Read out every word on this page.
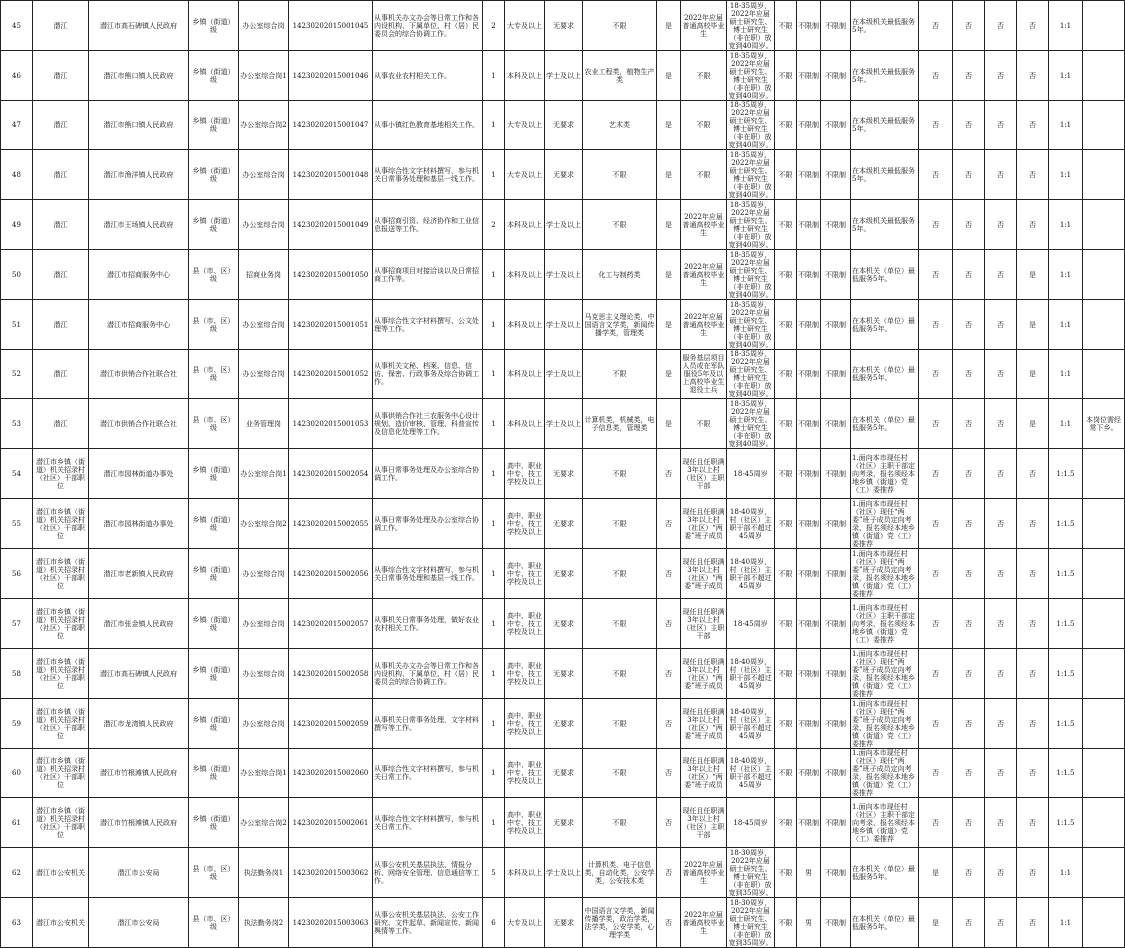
45	潜江	潜江市高石碑镇人民政府	乡镇（街道）级	办公室综合岗	14230202015001045	从事机关办文办会等日常工作和各内设机构、下属单位、村（居）民委员会的综合协调工作。	2	大专及以上	无要求	不限	是	2022年应届普通高校毕业生	18-35周岁，2022年应届硕士研究生、博士研究生（非在职）放宽到40周岁。	不限	不限制	不限制	在本级机关最低服务5年。	否	否	否	否	1:1	
46	潜江	潜江市熊口镇人民政府	乡镇（街道）级	办公室综合岗1	14230202015001046	从事农业农村相关工作。	1	本科及以上	学士及以上	农业工程类，植物生产类	是	不限	18-35周岁，2022年应届硕士研究生、博士研究生（非在职）放宽到40周岁。	不限	不限制	不限制	在本级机关最低服务5年。	否	否	否	否	1:1	
47	潜江	潜江市熊口镇人民政府	乡镇（街道）级	办公室综合岗2	14230202015001047	从事小镇红色教育基地相关工作。	1	大专及以上	无要求	艺术类	是	不限	18-35周岁，2022年应届硕士研究生、博士研究生（非在职）放宽到40周岁。	不限	不限制	不限制	在本级机关最低服务5年。	否	否	否	否	1:1	
48	潜江	潜江市渔洋镇人民政府	乡镇（街道）级	办公室综合岗	14230202015001048	从事综合性文字材料撰写，参与机关日常事务处理和基层一线工作。	1	大专及以上	无要求	不限	是	不限	18-35周岁，2022年应届硕士研究生、博士研究生（非在职）放宽到40周岁。	不限	不限制	不限制	在本级机关最低服务5年。	否	否	否	否	1:1	
49	潜江	潜江市王场镇人民政府	乡镇（街道）级	办公室综合岗	14230202015001049	从事招商引资、经济协作和工业信息报送等工作。	2	本科及以上	学士及以上	不限	是	2022年应届普通高校毕业生	18-35周岁，2022年应届硕士研究生、博士研究生（非在职）放宽到40周岁。	不限	不限制	不限制	在本级机关最低服务5年。	否	否	否	否	1:1	
50	潜江	潜江市招商服务中心	县（市、区）级	招商业务岗	14230202015001050	从事招商项目对接洽谈以及日常招商工作等。	1	本科及以上	学士及以上	化工与制药类	是	2022年应届普通高校毕业生	18-35周岁，2022年应届硕士研究生、博士研究生（非在职）放宽到40周岁。	不限	不限制	不限制	在本机关（单位）最低服务5年。	否	否	否	是	1:1	
51	潜江	潜江市招商服务中心	县（市、区）级	办公室综合岗	14230202015001051	从事综合性文字材料撰写、公文处理等工作。	1	本科及以上	学士及以上	马克思主义理论类，中国语言文学类，新闻传播学类，管理类	是	2022年应届普通高校毕业生	18-35周岁，2022年应届硕士研究生、博士研究生（非在职）放宽到40周岁。	不限	不限制	不限制	在本机关（单位）最低服务5年。	否	否	否	是	1:1	
52	潜江	潜江市供销合作社联合社	县（市、区）级	办公室综合岗	14230202015001052	从事机关文秘、档案、信息、信访、保密、行政事务及综合协调工作。	1	本科及以上	学士及以上	不限	是	服务基层项目人员或在军队服役5年及以上高校毕业生退役士兵	18-35周岁，2022年应届硕士研究生、博士研究生（非在职）放宽到40周岁。	不限	不限制	不限制	在本机关（单位）最低服务5年。	否	否	否	是	1:1	
53	潜江	潜江市供销合作社联合社	县（市、区）级	业务管理岗	14230202015001053	从事供销合作社三农服务中心设计规划、造价审核、管理、科普宣传及信息化处理等工作。	1	本科及以上	学士及以上	计算机类，机械类，电子信息类，管理类	是	不限	18-35周岁，2022年应届硕士研究生、博士研究生（非在职）放宽到40周岁。	不限	不限制	不限制	在本机关（单位）最低服务5年。	否	否	否	是	1:1	本岗位需经常下乡。
54	潜江市乡镇（街道）机关招录村（社区）干部职位	潜江市园林街道办事处	乡镇（街道）级	办公室综合岗1	14230202015002054	从事日常事务处理及办公室综合协调工作。	1	高中、职业中专、技工学校及以上	无要求	不限	否	现任且任职满3年以上村（社区）主职干部	18-45周岁	不限	不限制	不限制	1.面向本市现任村（社区）主职干部定向考录，报名须经本地乡镇（街道）党（工）委推荐	否	否	否	否	1:1.5	
55	潜江市乡镇（街道）机关招录村（社区）干部职位	潜江市园林街道办事处	乡镇（街道）级	办公室综合岗2	14230202015002055	从事日常事务处理及办公室综合协调工作。	1	高中、职业中专、技工学校及以上	无要求	不限	否	现任且任职满3年以上村（社区）“两委”班子成员	18-40周岁，村（社区）主职干部不超过45周岁	不限	不限制	不限制	1.面向本市现任村（社区）现任“两委”班子成员定向考录，报名须经本地乡镇（街道）党（工）委推荐	否	否	否	否	1:1.5	
56	潜江市乡镇（街道）机关招录村（社区）干部职位	潜江市老新镇人民政府	乡镇（街道）级	办公室综合岗	14230202015002056	从事综合性文字材料撰写，参与机关日常事务处理和基层一线工作。	1	高中、职业中专、技工学校及以上	无要求	不限	否	现任且任职满3年以上村（社区）“两委”班子成员	18-40周岁，村（社区）主职干部不超过45周岁	不限	不限制	不限制	1.面向本市现任村（社区）现任“两委”班子成员定向考录，报名须经本地乡镇（街道）党（工）委推荐	否	否	否	否	1:1.5	
57	潜江市乡镇（街道）机关招录村（社区）干部职位	潜江市张金镇人民政府	乡镇（街道）级	办公室综合岗	14230202015002057	从事机关日常事务处理，做好农业农村相关工作。	1	高中、职业中专、技工学校及以上	无要求	不限	否	现任且任职满3年以上村（社区）主职干部	18-45周岁	不限	不限制	不限制	1.面向本市现任村（社区）主职干部定向考录，报名须经本地乡镇（街道）党（工）委推荐	否	否	否	否	1:1.5	
58	潜江市乡镇（街道）机关招录村（社区）干部职位	潜江市高石碑镇人民政府	乡镇（街道）级	办公室综合岗	14230202015002058	从事机关办文办会等日常工作和各内设机构、下属单位、村（居）民委员会的综合协调工作。	1	高中、职业中专、技工学校及以上	无要求	不限	否	现任且任职满3年以上村（社区）“两委”班子成员	18-40周岁，村（社区）主职干部不超过45周岁	不限	不限制	不限制	1.面向本市现任村（社区）现任“两委”班子成员定向考录，报名须经本地乡镇（街道）党（工）委推荐	否	否	否	否	1:1.5	
59	潜江市乡镇（街道）机关招录村（社区）干部职位	潜江市龙湾镇人民政府	乡镇（街道）级	办公室综合岗	14230202015002059	从事机关日常事务处理，文字材料撰写等工作。	1	高中、职业中专、技工学校及以上	无要求	不限	否	现任且任职满3年以上村（社区）“两委”班子成员	18-40周岁，村（社区）主职干部不超过45周岁	不限	不限制	不限制	1.面向本市现任村（社区）现任“两委”班子成员定向考录，报名须经本地乡镇（街道）党（工）委推荐	否	否	否	否	1:1.5	
60	潜江市乡镇（街道）机关招录村（社区）干部职位	潜江市竹根滩镇人民政府	乡镇（街道）级	办公室综合岗1	14230202015002060	从事综合性文字材料撰写，参与机关日常工作。	1	高中、职业中专、技工学校及以上	无要求	不限	否	现任且任职满3年以上村（社区）“两委”班子成员	18-40周岁，村（社区）主职干部不超过45周岁	不限	不限制	不限制	1.面向本市现任村（社区）现任“两委”班子成员定向考录，报名须经本地乡镇（街道）党（工）委推荐	否	否	否	否	1:1.5	
61	潜江市乡镇（街道）机关招录村（社区）干部职位	潜江市竹根滩镇人民政府	乡镇（街道）级	办公室综合岗2	14230202015002061	从事综合性文字材料撰写，参与机关日常工作。	1	高中、职业中专、技工学校及以上	无要求	不限	否	现任且任职满3年以上村（社区）主职干部	18-45周岁	不限	不限制	不限制	1.面向本市现任村（社区）主职干部定向考录，报名须经本地乡镇（街道）党（工）委推荐	否	否	否	否	1:1.5	
62	潜江市公安机关	潜江市公安局	县（市、区）级	执法勤务岗1	14230202015003062	从事公安机关基层执法、情报分析、网络安全管理、信息通信等工作。	5	本科及以上	学士及以上	计算机类，电子信息类，自动化类，公安学类，公安技术类	否	2022年应届普通高校毕业生	18-30周岁，2022年应届硕士研究生、博士研究生（非在职）放宽到35周岁。	不限	男	不限制	在本机关（单位）最低服务5年。	是	否	否	否	1:1	
63	潜江市公安机关	潜江市公安局	县（市、区）级	执法勤务岗2	14230202015003063	从事公安机关基层执法、公安工作研究、文件起草、新闻宣传、新闻舆情等工作。	6	大专及以上	无要求	中国语言文学类，新闻传播学类，政治学类，法学类，公安学类，心理学类	否	2022年应届普通高校毕业生	18-30周岁，2022年应届硕士研究生、博士研究生（非在职）放宽到35周岁。	不限	男	不限制	在本机关（单位）最低服务5年。	是	否	否	否	1:1	
